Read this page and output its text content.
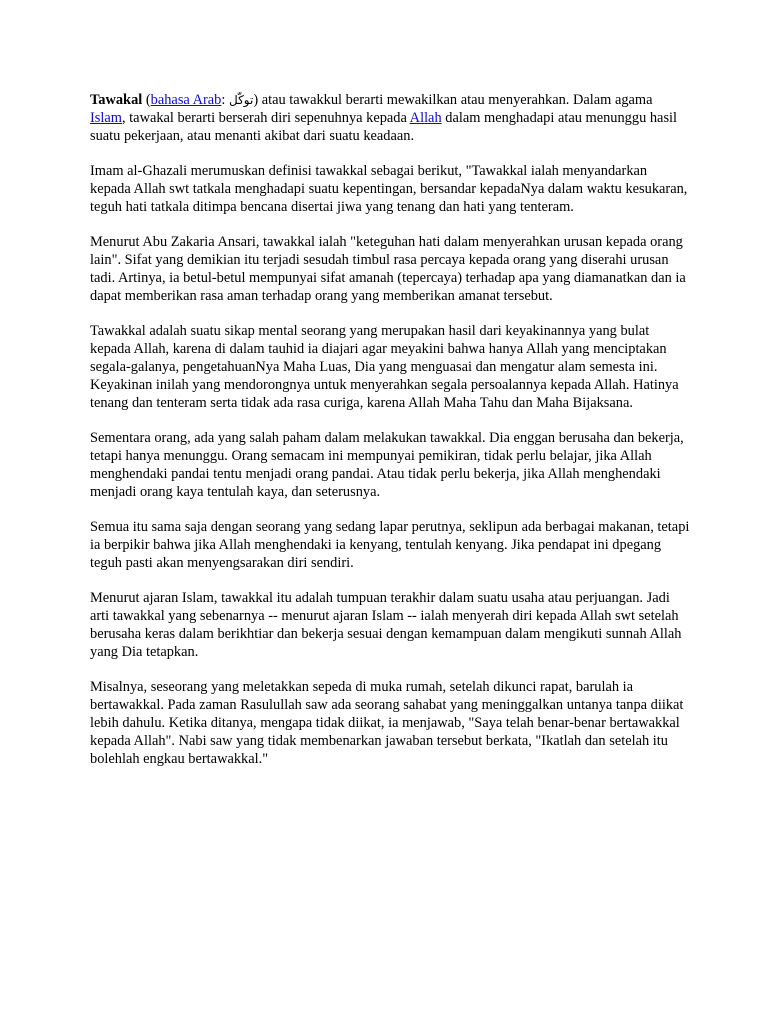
Tawakal (bahasa Arab: توكّل) atau tawakkul berarti mewakilkan atau menyerahkan. Dalam agama Islam, tawakal berarti berserah diri sepenuhnya kepada Allah dalam menghadapi atau menunggu hasil suatu pekerjaan, atau menanti akibat dari suatu keadaan.

Imam al-Ghazali merumuskan definisi tawakkal sebagai berikut, "Tawakkal ialah menyandarkan kepada Allah swt tatkala menghadapi suatu kepentingan, bersandar kepadaNya dalam waktu kesukaran, teguh hati tatkala ditimpa bencana disertai jiwa yang tenang dan hati yang tenteram.

Menurut Abu Zakaria Ansari, tawakkal ialah "keteguhan hati dalam menyerahkan urusan kepada orang lain". Sifat yang demikian itu terjadi sesudah timbul rasa percaya kepada orang yang diserahi urusan tadi. Artinya, ia betul-betul mempunyai sifat amanah (tepercaya) terhadap apa yang diamanatkan dan ia dapat memberikan rasa aman terhadap orang yang memberikan amanat tersebut.

Tawakkal adalah suatu sikap mental seorang yang merupakan hasil dari keyakinannya yang bulat kepada Allah, karena di dalam tauhid ia diajari agar meyakini bahwa hanya Allah yang menciptakan segala-galanya, pengetahuanNya Maha Luas, Dia yang menguasai dan mengatur alam semesta ini. Keyakinan inilah yang mendorongnya untuk menyerahkan segala persoalannya kepada Allah. Hatinya tenang dan tenteram serta tidak ada rasa curiga, karena Allah Maha Tahu dan Maha Bijaksana.

Sementara orang, ada yang salah paham dalam melakukan tawakkal. Dia enggan berusaha dan bekerja, tetapi hanya menunggu. Orang semacam ini mempunyai pemikiran, tidak perlu belajar, jika Allah menghendaki pandai tentu menjadi orang pandai. Atau tidak perlu bekerja, jika Allah menghendaki menjadi orang kaya tentulah kaya, dan seterusnya.

Semua itu sama saja dengan seorang yang sedang lapar perutnya, seklipun ada berbagai makanan, tetapi ia berpikir bahwa jika Allah menghendaki ia kenyang, tentulah kenyang. Jika pendapat ini dpegang teguh pasti akan menyengsarakan diri sendiri.

Menurut ajaran Islam, tawakkal itu adalah tumpuan terakhir dalam suatu usaha atau perjuangan. Jadi arti tawakkal yang sebenarnya -- menurut ajaran Islam -- ialah menyerah diri kepada Allah swt setelah berusaha keras dalam berikhtiar dan bekerja sesuai dengan kemampuan dalam mengikuti sunnah Allah yang Dia tetapkan.

Misalnya, seseorang yang meletakkan sepeda di muka rumah, setelah dikunci rapat, barulah ia bertawakkal. Pada zaman Rasulullah saw ada seorang sahabat yang meninggalkan untanya tanpa diikat lebih dahulu. Ketika ditanya, mengapa tidak diikat, ia menjawab, "Saya telah benar-benar bertawakkal kepada Allah". Nabi saw yang tidak membenarkan jawaban tersebut berkata, "Ikatlah dan setelah itu bolehlah engkau bertawakkal."
